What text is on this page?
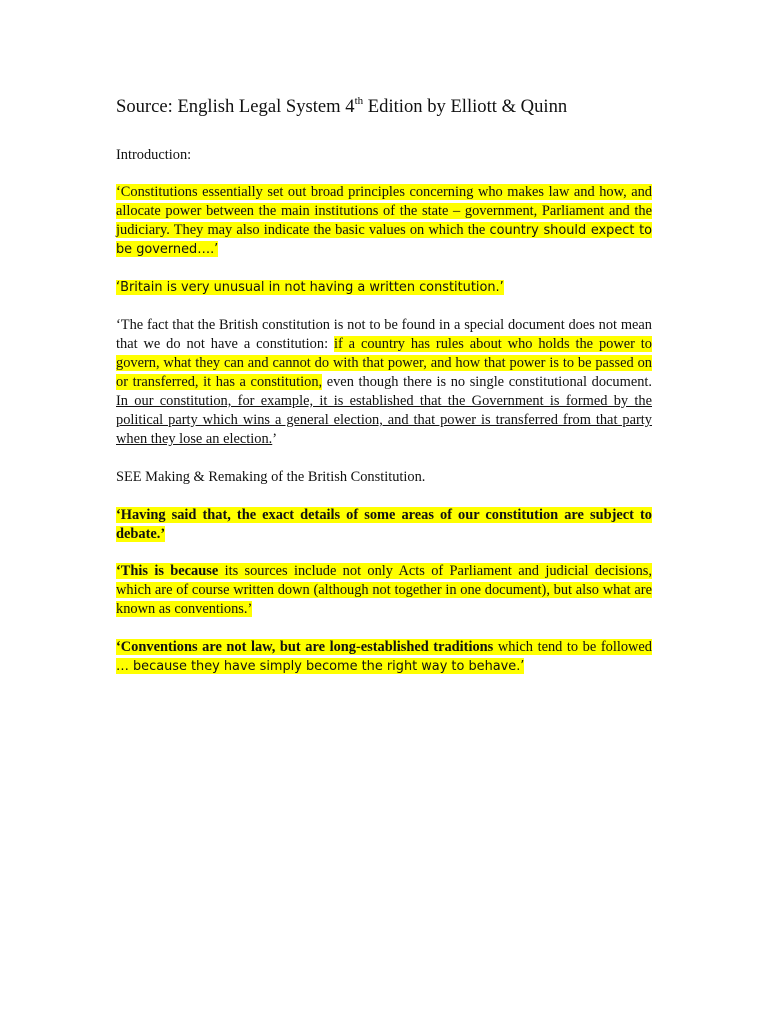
Source: English Legal System 4th Edition by Elliott & Quinn

Introduction:

‘Constitutions essentially set out broad principles concerning who makes law and how, and allocate power between the main institutions of the state – government, Parliament and the judiciary. They may also indicate the basic values on which the country should expect to be governed….’

‘Britain is very unusual in not having a written constitution.’

‘The fact that the British constitution is not to be found in a special document does not mean that we do not have a constitution: if a country has rules about who holds the power to govern, what they can and cannot do with that power, and how that power is to be passed on or transferred, it has a constitution, even though there is no single constitutional document. In our constitution, for example, it is established that the Government is formed by the political party which wins a general election, and that power is transferred from that party when they lose an election.’

SEE Making & Remaking of the British Constitution.

‘Having said that, the exact details of some areas of our constitution are subject to debate.’

‘This is because its sources include not only Acts of Parliament and judicial decisions, which are of course written down (although not together in one document), but also what are known as conventions.’

‘Conventions are not law, but are long-established traditions which tend to be followed … because they have simply become the right way to behave.’
